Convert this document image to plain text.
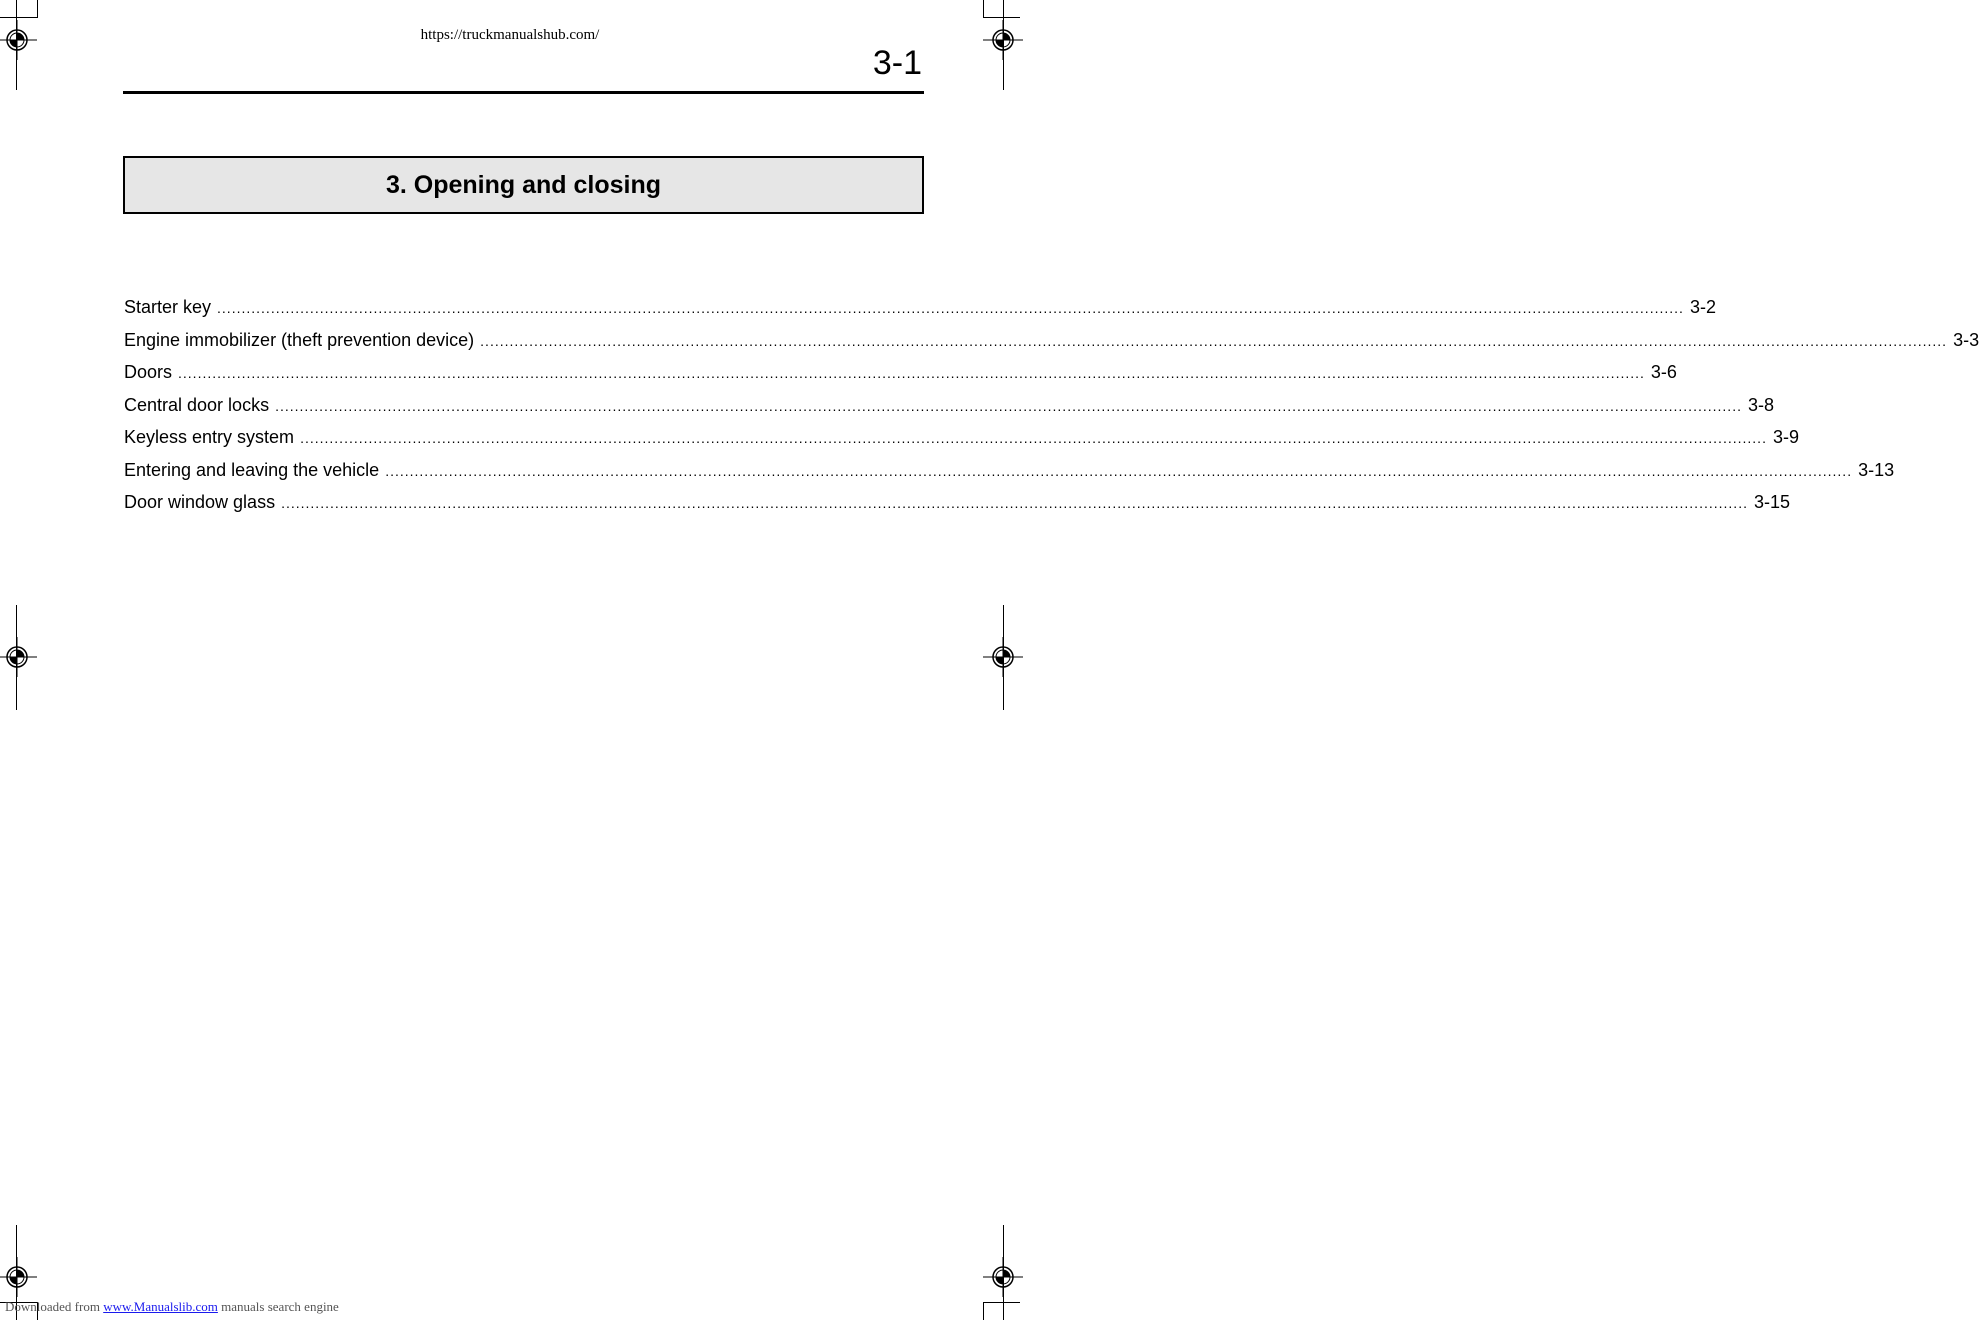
https://truckmanualshub.com/
3-1
3. Opening and closing
Starter key ............................................................................................................................................................................................................................................................................................................ 3-2
Engine immobilizer (theft prevention device) ............................................................................................................................................................................................................................................................................................................ 3-3
Doors ............................................................................................................................................................................................................................................................................................................ 3-6
Central door locks ............................................................................................................................................................................................................................................................................................................ 3-8
Keyless entry system ............................................................................................................................................................................................................................................................................................................ 3-9
Entering and leaving the vehicle ............................................................................................................................................................................................................................................................................................................ 3-13
Door window glass ............................................................................................................................................................................................................................................................................................................ 3-15
Downloaded from www.Manualslib.com manuals search engine
